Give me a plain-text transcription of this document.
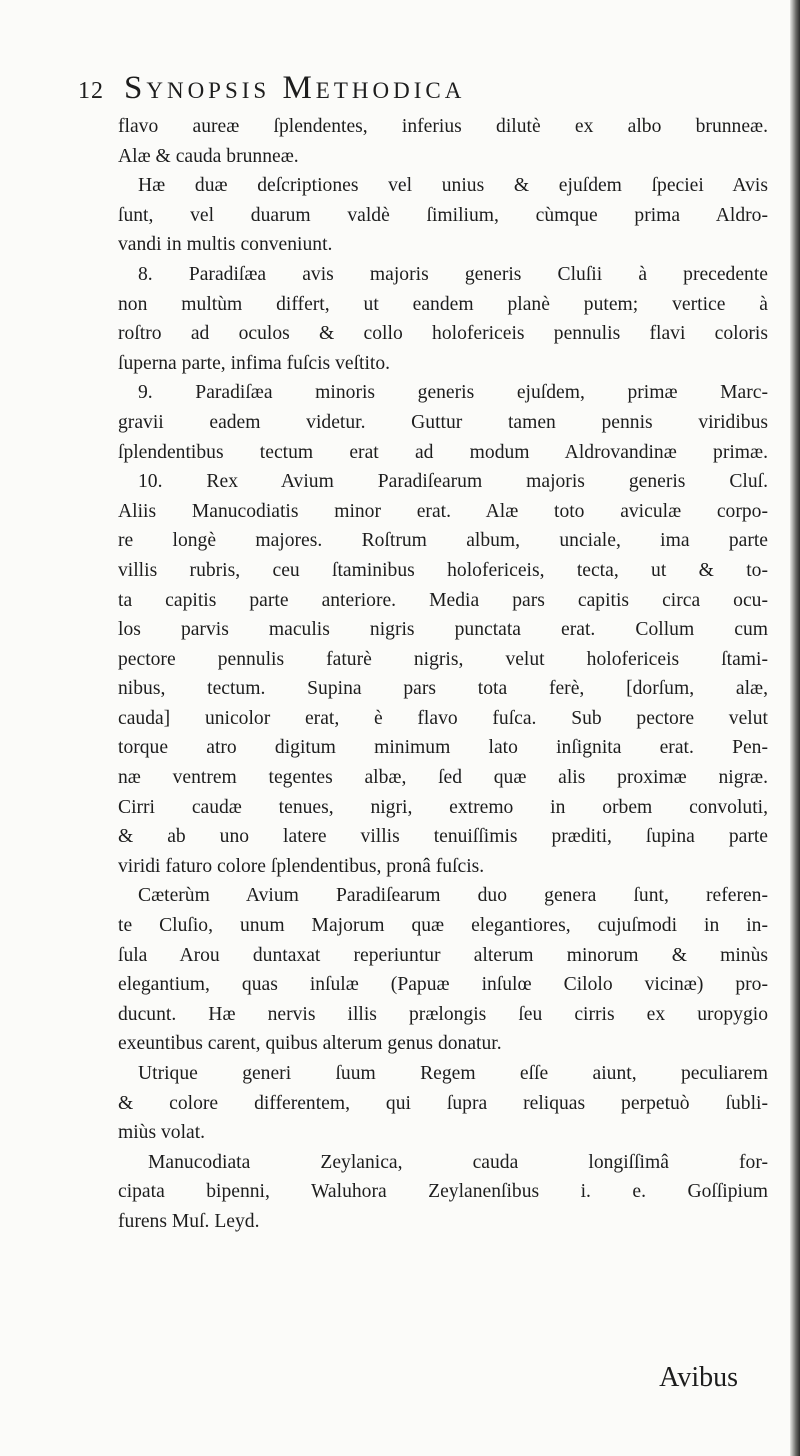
12 Synopsis Methodica
flavo aureæ ſplendentes, inferius dilutè ex albo brunneæ.
Alæ & cauda brunneæ.
Hæ duæ deſcriptiones vel unius & ejuſdem ſpeciei Avis
ſunt, vel duarum valdè ſimilium, cùmque prima Aldro-
vandi in multis conveniunt.
8. Paradiſæa avis majoris generis Cluſii à precedente
non multùm differt, ut eandem planè putem; vertice à
roſtro ad oculos & collo holofericeis pennulis flavi coloris
ſuperna parte, infima fuſcis veſtito.
9. Paradiſæa minoris generis ejuſdem, primæ Marc-
gravii eadem videtur. Guttur tamen pennis viridibus
ſplendentibus tectum erat ad modum Aldrovandinæ primæ.
10. Rex Avium Paradiſearum majoris generis Cluſ.
Aliis Manucodiatis minor erat. Alæ toto aviculæ corpo-
re longè majores. Roſtrum album, unciale, ima parte
villis rubris, ceu ſtaminibus holofericeis, tecta, ut & to-
ta capitis parte anteriore. Media pars capitis circa ocu-
los parvis maculis nigris punctata erat. Collum cum
pectore pennulis faturè nigris, velut holofericeis ſtami-
nibus, tectum. Supina pars tota ferè, [dorſum, alæ,
cauda] unicolor erat, è flavo fuſca. Sub pectore velut
torque atro digitum minimum lato inſignita erat. Pen-
næ ventrem tegentes albæ, ſed quæ alis proximæ nigræ.
Cirri caudæ tenues, nigri, extremo in orbem convoluti,
& ab uno latere villis tenuiſſimis præditi, ſupina parte
viridi faturo colore ſplendentibus, pronâ fuſcis.
Cæterùm Avium Paradiſearum duo genera ſunt, referen-
te Cluſio, unum Majorum quæ elegantiores, cujuſmodi in in-
ſula Arou duntaxat reperiuntur alterum minorum & minùs
elegantium, quas inſulæ (Papuæ inſulœ Cilolo vicinæ) pro-
ducunt. Hæ nervis illis prælongis ſeu cirris ex uropygio
exeuntibus carent, quibus alterum genus donatur.
Utrique generi ſuum Regem eſſe aiunt, peculiarem
& colore differentem, qui ſupra reliquas perpetuò ſubli-
miùs volat.
Manucodiata Zeylanica, cauda longiſſimâ for-
cipata bipenni, Waluhora Zeylanenſibus i. e. Goſſipium
furens Muſ. Leyd.
Avibus
